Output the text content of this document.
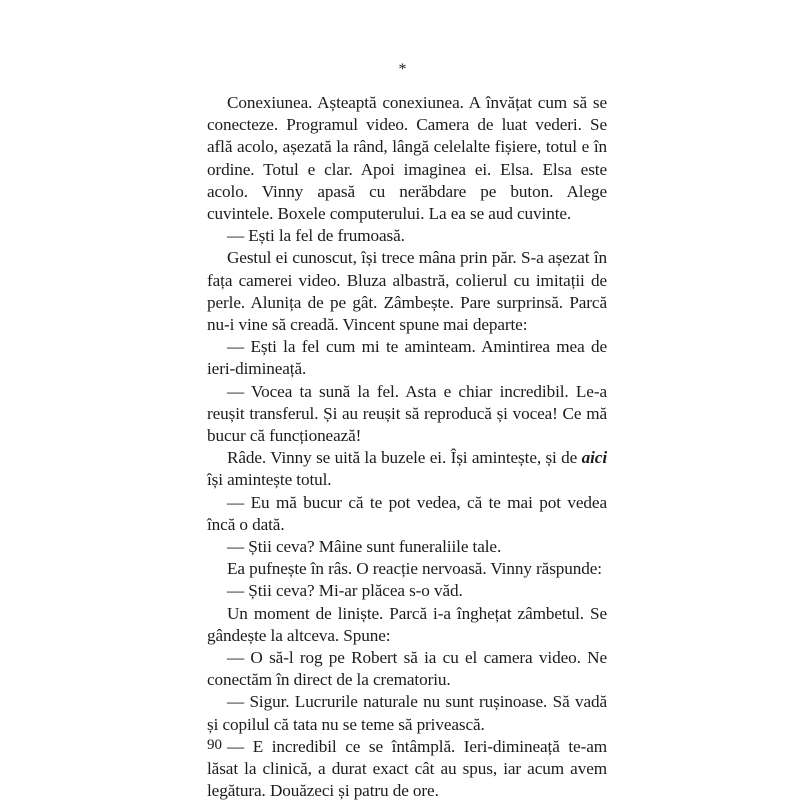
*

Conexiunea. Așteaptă conexiunea. A învățat cum să se conecteze. Programul video. Camera de luat vederi. Se află acolo, așezată la rând, lângă celelalte fișiere, totul e în ordine. Totul e clar. Apoi imaginea ei. Elsa. Elsa este acolo. Vinny apasă cu nerăbdare pe buton. Alege cuvintele. Boxele computerului. La ea se aud cuvinte.

— Ești la fel de frumoasă.

Gestul ei cunoscut, își trece mâna prin păr. S-a așezat în fața camerei video. Bluza albastră, colierul cu imitații de perle. Alunița de pe gât. Zâmbește. Pare surprinsă. Parcă nu-i vine să creadă. Vincent spune mai departe:

— Ești la fel cum mi te aminteam. Amintirea mea de ieri-dimineață.

— Vocea ta sună la fel. Asta e chiar incredibil. Le-a reușit transferul. Și au reușit să reproducă și vocea! Ce mă bucur că funcționează!

Râde. Vinny se uită la buzele ei. Își amintește, și de aici își amintește totul.

— Eu mă bucur că te pot vedea, că te mai pot vedea încă o dată.

— Știi ceva? Mâine sunt funeraliile tale.

Ea pufnește în râs. O reacție nervoasă. Vinny răspunde:

— Știi ceva? Mi-ar plăcea s-o văd.

Un moment de liniște. Parcă i-a înghețat zâmbetul. Se gândește la altceva. Spune:

— O să-l rog pe Robert să ia cu el camera video. Ne conectăm în direct de la crematoriu.

— Sigur. Lucrurile naturale nu sunt rușinoase. Să vadă și copilul că tata nu se teme să privească.

— E incredibil ce se întâmplă. Ieri-dimineață te-am lăsat la clinică, a durat exact cât au spus, iar acum avem legătura. Douăzeci și patru de ore.

90
